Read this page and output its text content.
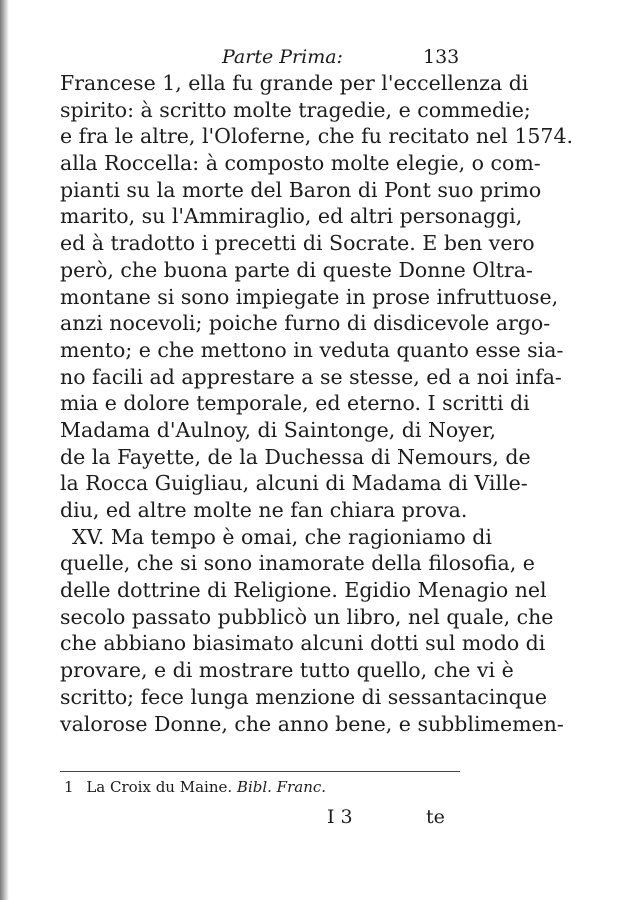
Parte Prima:	133
Francese 1, ella fu grande per l'eccellenza di
spirito: à scritto molte tragedie, e commedie;
e fra le altre, l'Oloferne, che fu recitato nel 1574.
alla Roccella: à composto molte elegie, o com-
pianti su la morte del Baron di Pont suo primo
marito, su l'Ammiraglio, ed altri personaggi,
ed à tradotto i precetti di Socrate. E ben vero
però, che buona parte di queste Donne Oltra-
montane si sono impiegate in prose infruttuose,
anzi nocevoli; poiche furno di disdicevole argo-
mento; e che mettono in veduta quanto esse sia-
no facili ad apprestare a se stesse, ed a noi infa-
mia e dolore temporale, ed eterno. I scritti di
Madama d'Aulnoy, di Saintonge, di Noyer,
de la Fayette, de la Duchessa di Nemours, de
la Rocca Guigliau, alcuni di Madama di Ville-
diu, ed altre molte ne fan chiara prova.
XV. Ma tempo è omai, che ragioniamo di
quelle, che si sono inamorate della filosofia, e
delle dottrine di Religione. Egidio Menagio nel
secolo passato pubblicò un libro, nel quale, che
che abbiano biasimato alcuni dotti sul modo di
provare, e di mostrare tutto quello, che vi è
scritto; fece lunga menzione di sessantacinque
valorose Donne, che anno bene, e subblimemen-
1 La Croix du Maine. Bibl. Franc.
I 3	te
